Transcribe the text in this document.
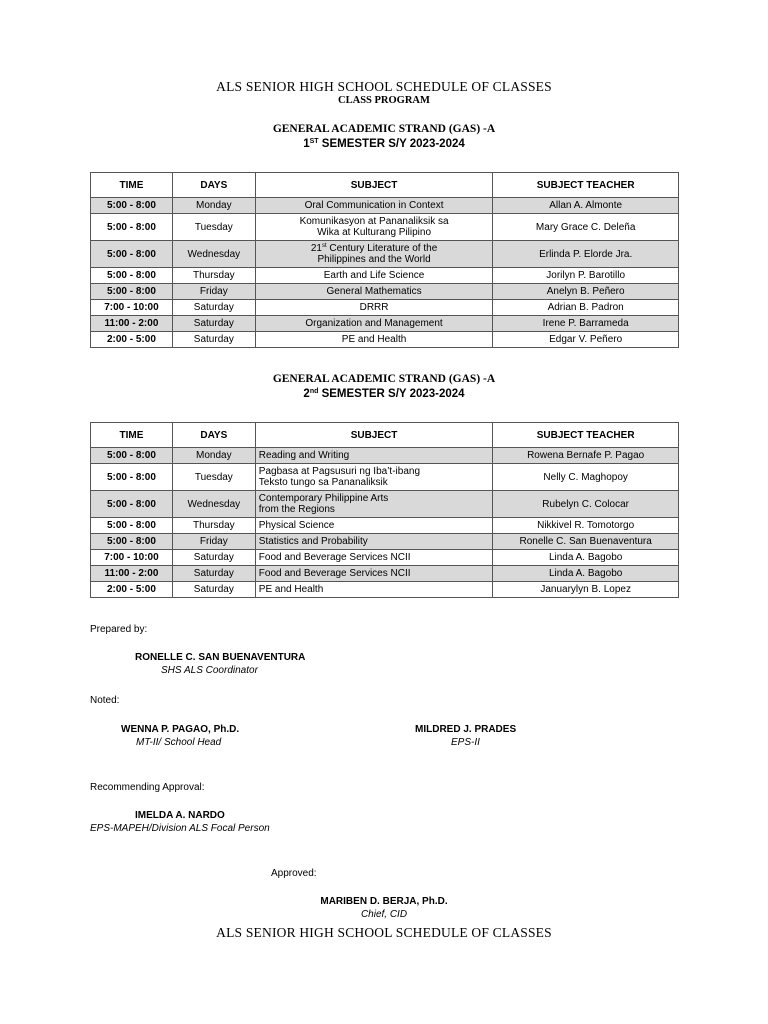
ALS SENIOR HIGH SCHOOL SCHEDULE OF CLASSES
CLASS PROGRAM
GENERAL ACADEMIC STRAND (GAS) -A
1ST SEMESTER S/Y 2023-2024
TIME	DAYS	SUBJECT	SUBJECT TEACHER
5:00 - 8:00	Monday	Oral Communication in Context	Allan A. Almonte
5:00 - 8:00	Tuesday	Komunikasyon at Pananaliksik sa
Wika at Kulturang Pilipino	Mary Grace C. Deleña
5:00 - 8:00	Wednesday	21st Century Literature of the
Philippines and the World	Erlinda P. Elorde Jra.
5:00 - 8:00	Thursday	Earth and Life Science	Jorilyn P. Barotillo
5:00 - 8:00	Friday	General Mathematics	Anelyn B. Peñero
7:00 - 10:00	Saturday	DRRR	Adrian B. Padron
11:00 - 2:00	Saturday	Organization and Management	Irene P. Barrameda
2:00 - 5:00	Saturday	PE and Health	Edgar V. Peñero
GENERAL ACADEMIC STRAND (GAS) -A
2nd SEMESTER S/Y 2023-2024
TIME	DAYS	SUBJECT	SUBJECT TEACHER
5:00 - 8:00	Monday	Reading and Writing	Rowena Bernafe P. Pagao
5:00 - 8:00	Tuesday	Pagbasa at Pagsusuri ng Iba’t-ibang
Teksto tungo sa Pananaliksik	Nelly C. Maghopoy
5:00 - 8:00	Wednesday	Contemporary Philippine Arts
from the Regions	Rubelyn C. Colocar
5:00 - 8:00	Thursday	Physical Science	Nikkivel R. Tomotorgo
5:00 - 8:00	Friday	Statistics and Probability	Ronelle C. San Buenaventura
7:00 - 10:00	Saturday	Food and Beverage Services NCII	Linda A. Bagobo
11:00 - 2:00	Saturday	Food and Beverage Services NCII	Linda A. Bagobo
2:00 - 5:00	Saturday	PE and Health	Januarylyn B. Lopez
Prepared by:
RONELLE C. SAN BUENAVENTURA
SHS ALS Coordinator
Noted:
WENNA P. PAGAO, Ph.D.
MT-II/ School Head
MILDRED J. PRADES
EPS-II
Recommending Approval:
IMELDA A. NARDO
EPS-MAPEH/Division ALS Focal Person
Approved:
MARIBEN D. BERJA, Ph.D.
Chief, CID
ALS SENIOR HIGH SCHOOL SCHEDULE OF CLASSES
